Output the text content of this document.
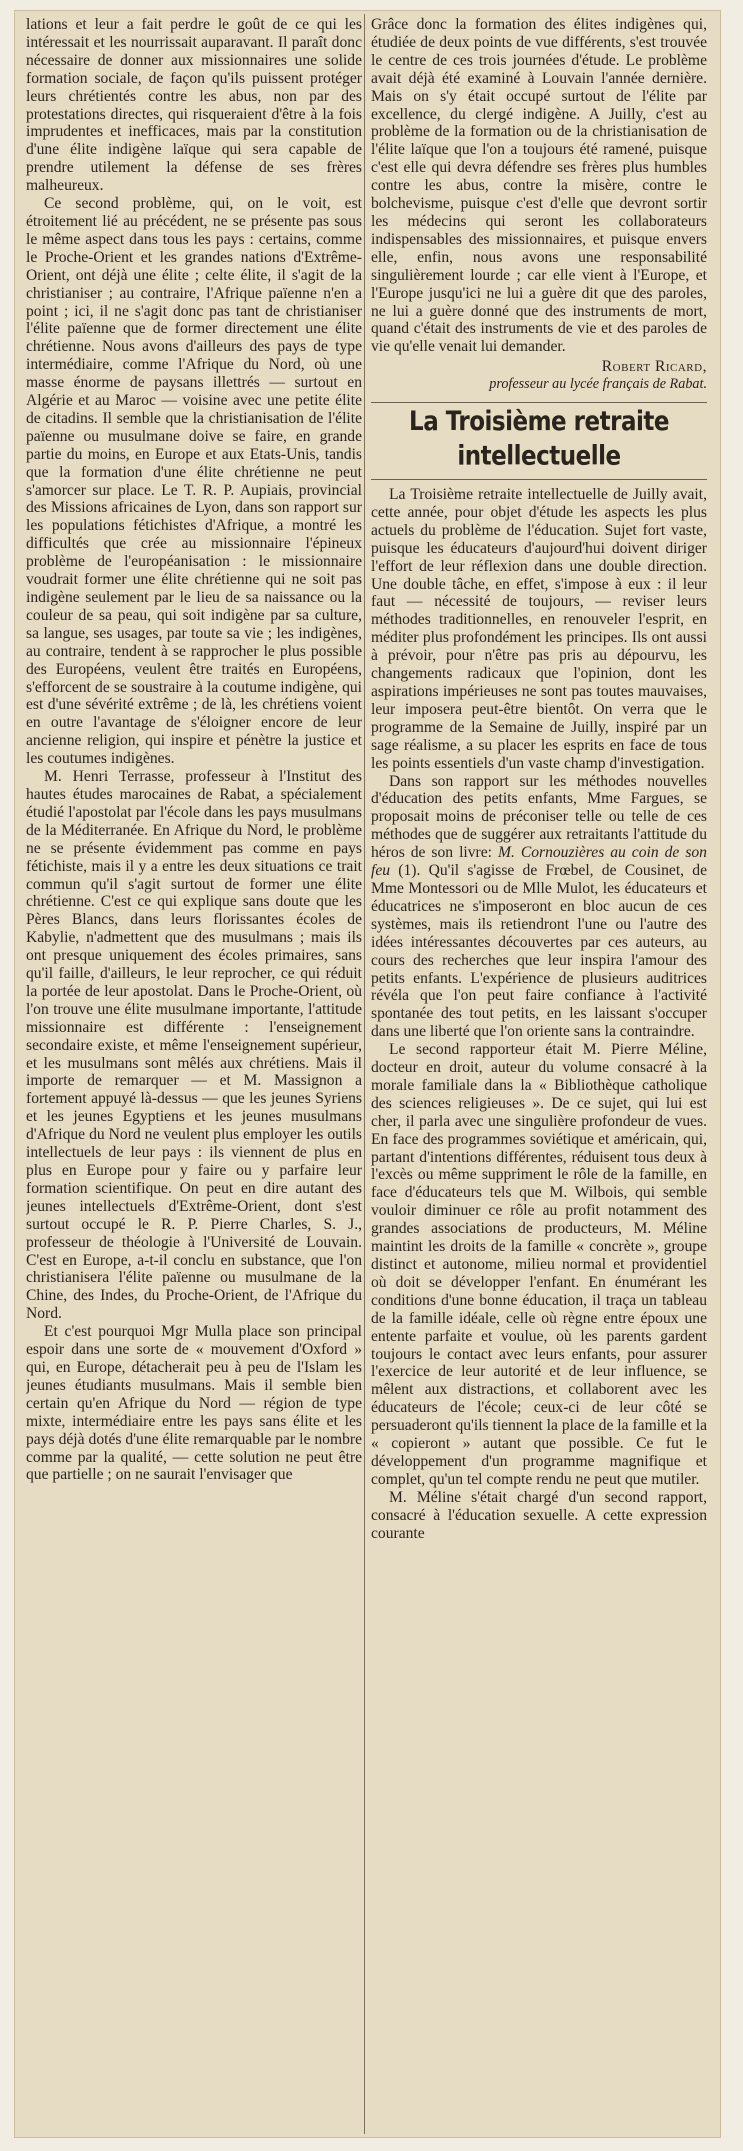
lations et leur a fait perdre le goût de ce qui les intéressait et les nourrissait auparavant. Il paraît donc nécessaire de donner aux missionnaires une solide formation sociale, de façon qu'ils puissent protéger leurs chrétientés contre les abus, non par des protestations directes, qui risqueraient d'être à la fois imprudentes et inefficaces, mais par la constitution d'une élite indigène laïque qui sera capable de prendre utilement la défense de ses frères malheureux.

Ce second problème, qui, on le voit, est étroitement lié au précédent, ne se présente pas sous le même aspect dans tous les pays : certains, comme le Proche-Orient et les grandes nations d'Extrême-Orient, ont déjà une élite ; celte élite, il s'agit de la christianiser ; au contraire, l'Afrique païenne n'en a point ; ici, il ne s'agit donc pas tant de christianiser l'élite païenne que de former directement une élite chrétienne. Nous avons d'ailleurs des pays de type intermédiaire, comme l'Afrique du Nord, où une masse énorme de paysans illettrés — surtout en Algérie et au Maroc — voisine avec une petite élite de citadins. Il semble que la christianisation de l'élite païenne ou musulmane doive se faire, en grande partie du moins, en Europe et aux Etats-Unis, tandis que la formation d'une élite chrétienne ne peut s'amorcer sur place. Le T. R. P. Aupiais, provincial des Missions africaines de Lyon, dans son rapport sur les populations fétichistes d'Afrique, a montré les difficultés que crée au missionnaire l'épineux problème de l'européanisation : le missionnaire voudrait former une élite chrétienne qui ne soit pas indigène seulement par le lieu de sa naissance ou la couleur de sa peau, qui soit indigène par sa culture, sa langue, ses usages, par toute sa vie ; les indigènes, au contraire, tendent à se rapprocher le plus possible des Européens, veulent être traités en Européens, s'efforcent de se soustraire à la coutume indigène, qui est d'une sévérité extrême ; de là, les chrétiens voient en outre l'avantage de s'éloigner encore de leur ancienne religion, qui inspire et pénètre la justice et les coutumes indigènes.

M. Henri Terrasse, professeur à l'Institut des hautes études marocaines de Rabat, a spécialement étudié l'apostolat par l'école dans les pays musulmans de la Méditerranée. En Afrique du Nord, le problème ne se présente évidemment pas comme en pays fétichiste, mais il y a entre les deux situations ce trait commun qu'il s'agit surtout de former une élite chrétienne. C'est ce qui explique sans doute que les Pères Blancs, dans leurs florissantes écoles de Kabylie, n'admettent que des musulmans ; mais ils ont presque uniquement des écoles primaires, sans qu'il faille, d'ailleurs, le leur reprocher, ce qui réduit la portée de leur apostolat. Dans le Proche-Orient, où l'on trouve une élite musulmane importante, l'attitude missionnaire est différente : l'enseignement secondaire existe, et même l'enseignement supérieur, et les musulmans sont mêlés aux chrétiens. Mais il importe de remarquer — et M. Massignon a fortement appuyé là-dessus — que les jeunes Syriens et les jeunes Egyptiens et les jeunes musulmans d'Afrique du Nord ne veulent plus employer les outils intellectuels de leur pays : ils viennent de plus en plus en Europe pour y faire ou y parfaire leur formation scientifique. On peut en dire autant des jeunes intellectuels d'Extrême-Orient, dont s'est surtout occupé le R. P. Pierre Charles, S. J., professeur de théologie à l'Université de Louvain. C'est en Europe, a-t-il conclu en substance, que l'on christianisera l'élite païenne ou musulmane de la Chine, des Indes, du Proche-Orient, de l'Afrique du Nord.

Et c'est pourquoi Mgr Mulla place son principal espoir dans une sorte de « mouvement d'Oxford » qui, en Europe, détacherait peu à peu de l'Islam les jeunes étudiants musulmans. Mais il semble bien certain qu'en Afrique du Nord — région de type mixte, intermédiaire entre les pays sans élite et les pays déjà dotés d'une élite remarquable par le nombre comme par la qualité, — cette solution ne peut être que partielle ; on ne saurait l'envisager que

Grâce donc la formation des élites indigènes qui, étudiée de deux points de vue différents, s'est trouvée le centre de ces trois journées d'étude. Le problème avait déjà été examiné à Louvain l'année dernière. Mais on s'y était occupé surtout de l'élite par excellence, du clergé indigène. A Juilly, c'est au problème de la formation ou de la christianisation de l'élite laïque que l'on a toujours été ramené, puisque c'est elle qui devra défendre ses frères plus humbles contre les abus, contre la misère, contre le bolchevisme, puisque c'est d'elle que devront sortir les médecins qui seront les collaborateurs indispensables des missionnaires, et puisque envers elle, enfin, nous avons une responsabilité singulièrement lourde ; car elle vient à l'Europe, et l'Europe jusqu'ici ne lui a guère dit que des paroles, ne lui a guère donné que des instruments de mort, quand c'était des instruments de vie et des paroles de vie qu'elle venait lui demander.

Robert Ricard,
professeur au lycée français de Rabat.
La Troisième retraite intellectuelle

La Troisième retraite intellectuelle de Juilly avait, cette année, pour objet d'étude les aspects les plus actuels du problème de l'éducation. Sujet fort vaste, puisque les éducateurs d'aujourd'hui doivent diriger l'effort de leur réflexion dans une double direction. Une double tâche, en effet, s'impose à eux : il leur faut — nécessité de toujours, — reviser leurs méthodes traditionnelles, en renouveler l'esprit, en méditer plus profondément les principes. Ils ont aussi à prévoir, pour n'être pas pris au dépourvu, les changements radicaux que l'opinion, dont les aspirations impérieuses ne sont pas toutes mauvaises, leur imposera peut-être bientôt. On verra que le programme de la Semaine de Juilly, inspiré par un sage réalisme, a su placer les esprits en face de tous les points essentiels d'un vaste champ d'investigation.

Dans son rapport sur les méthodes nouvelles d'éducation des petits enfants, Mme Fargues, se proposait moins de préconiser telle ou telle de ces méthodes que de suggérer aux retraitants l'attitude du héros de son livre: M. Cornouzières au coin de son feu (1). Qu'il s'agisse de Frœbel, de Cousinet, de Mme Montessori ou de Mlle Mulot, les éducateurs et éducatrices ne s'imposeront en bloc aucun de ces systèmes, mais ils retiendront l'une ou l'autre des idées intéressantes découvertes par ces auteurs, au cours des recherches que leur inspira l'amour des petits enfants. L'expérience de plusieurs auditrices révéla que l'on peut faire confiance à l'activité spontanée des tout petits, en les laissant s'occuper dans une liberté que l'on oriente sans la contraindre.

Le second rapporteur était M. Pierre Méline, docteur en droit, auteur du volume consacré à la morale familiale dans la « Bibliothèque catholique des sciences religieuses ». De ce sujet, qui lui est cher, il parla avec une singulière profondeur de vues. En face des programmes soviétique et américain, qui, partant d'intentions différentes, réduisent tous deux à l'excès ou même suppriment le rôle de la famille, en face d'éducateurs tels que M. Wilbois, qui semble vouloir diminuer ce rôle au profit notamment des grandes associations de producteurs, M. Méline maintint les droits de la famille « concrète », groupe distinct et autonome, milieu normal et providentiel où doit se développer l'enfant. En énumérant les conditions d'une bonne éducation, il traça un tableau de la famille idéale, celle où règne entre époux une entente parfaite et voulue, où les parents gardent toujours le contact avec leurs enfants, pour assurer l'exercice de leur autorité et de leur influence, se mêlent aux distractions, et collaborent avec les éducateurs de l'école; ceux-ci de leur côté se persuaderont qu'ils tiennent la place de la famille et la « copieront » autant que possible. Ce fut le développement d'un programme magnifique et complet, qu'un tel compte rendu ne peut que mutiler.

M. Méline s'était chargé d'un second rapport, consacré à l'éducation sexuelle. A cette expression courante
